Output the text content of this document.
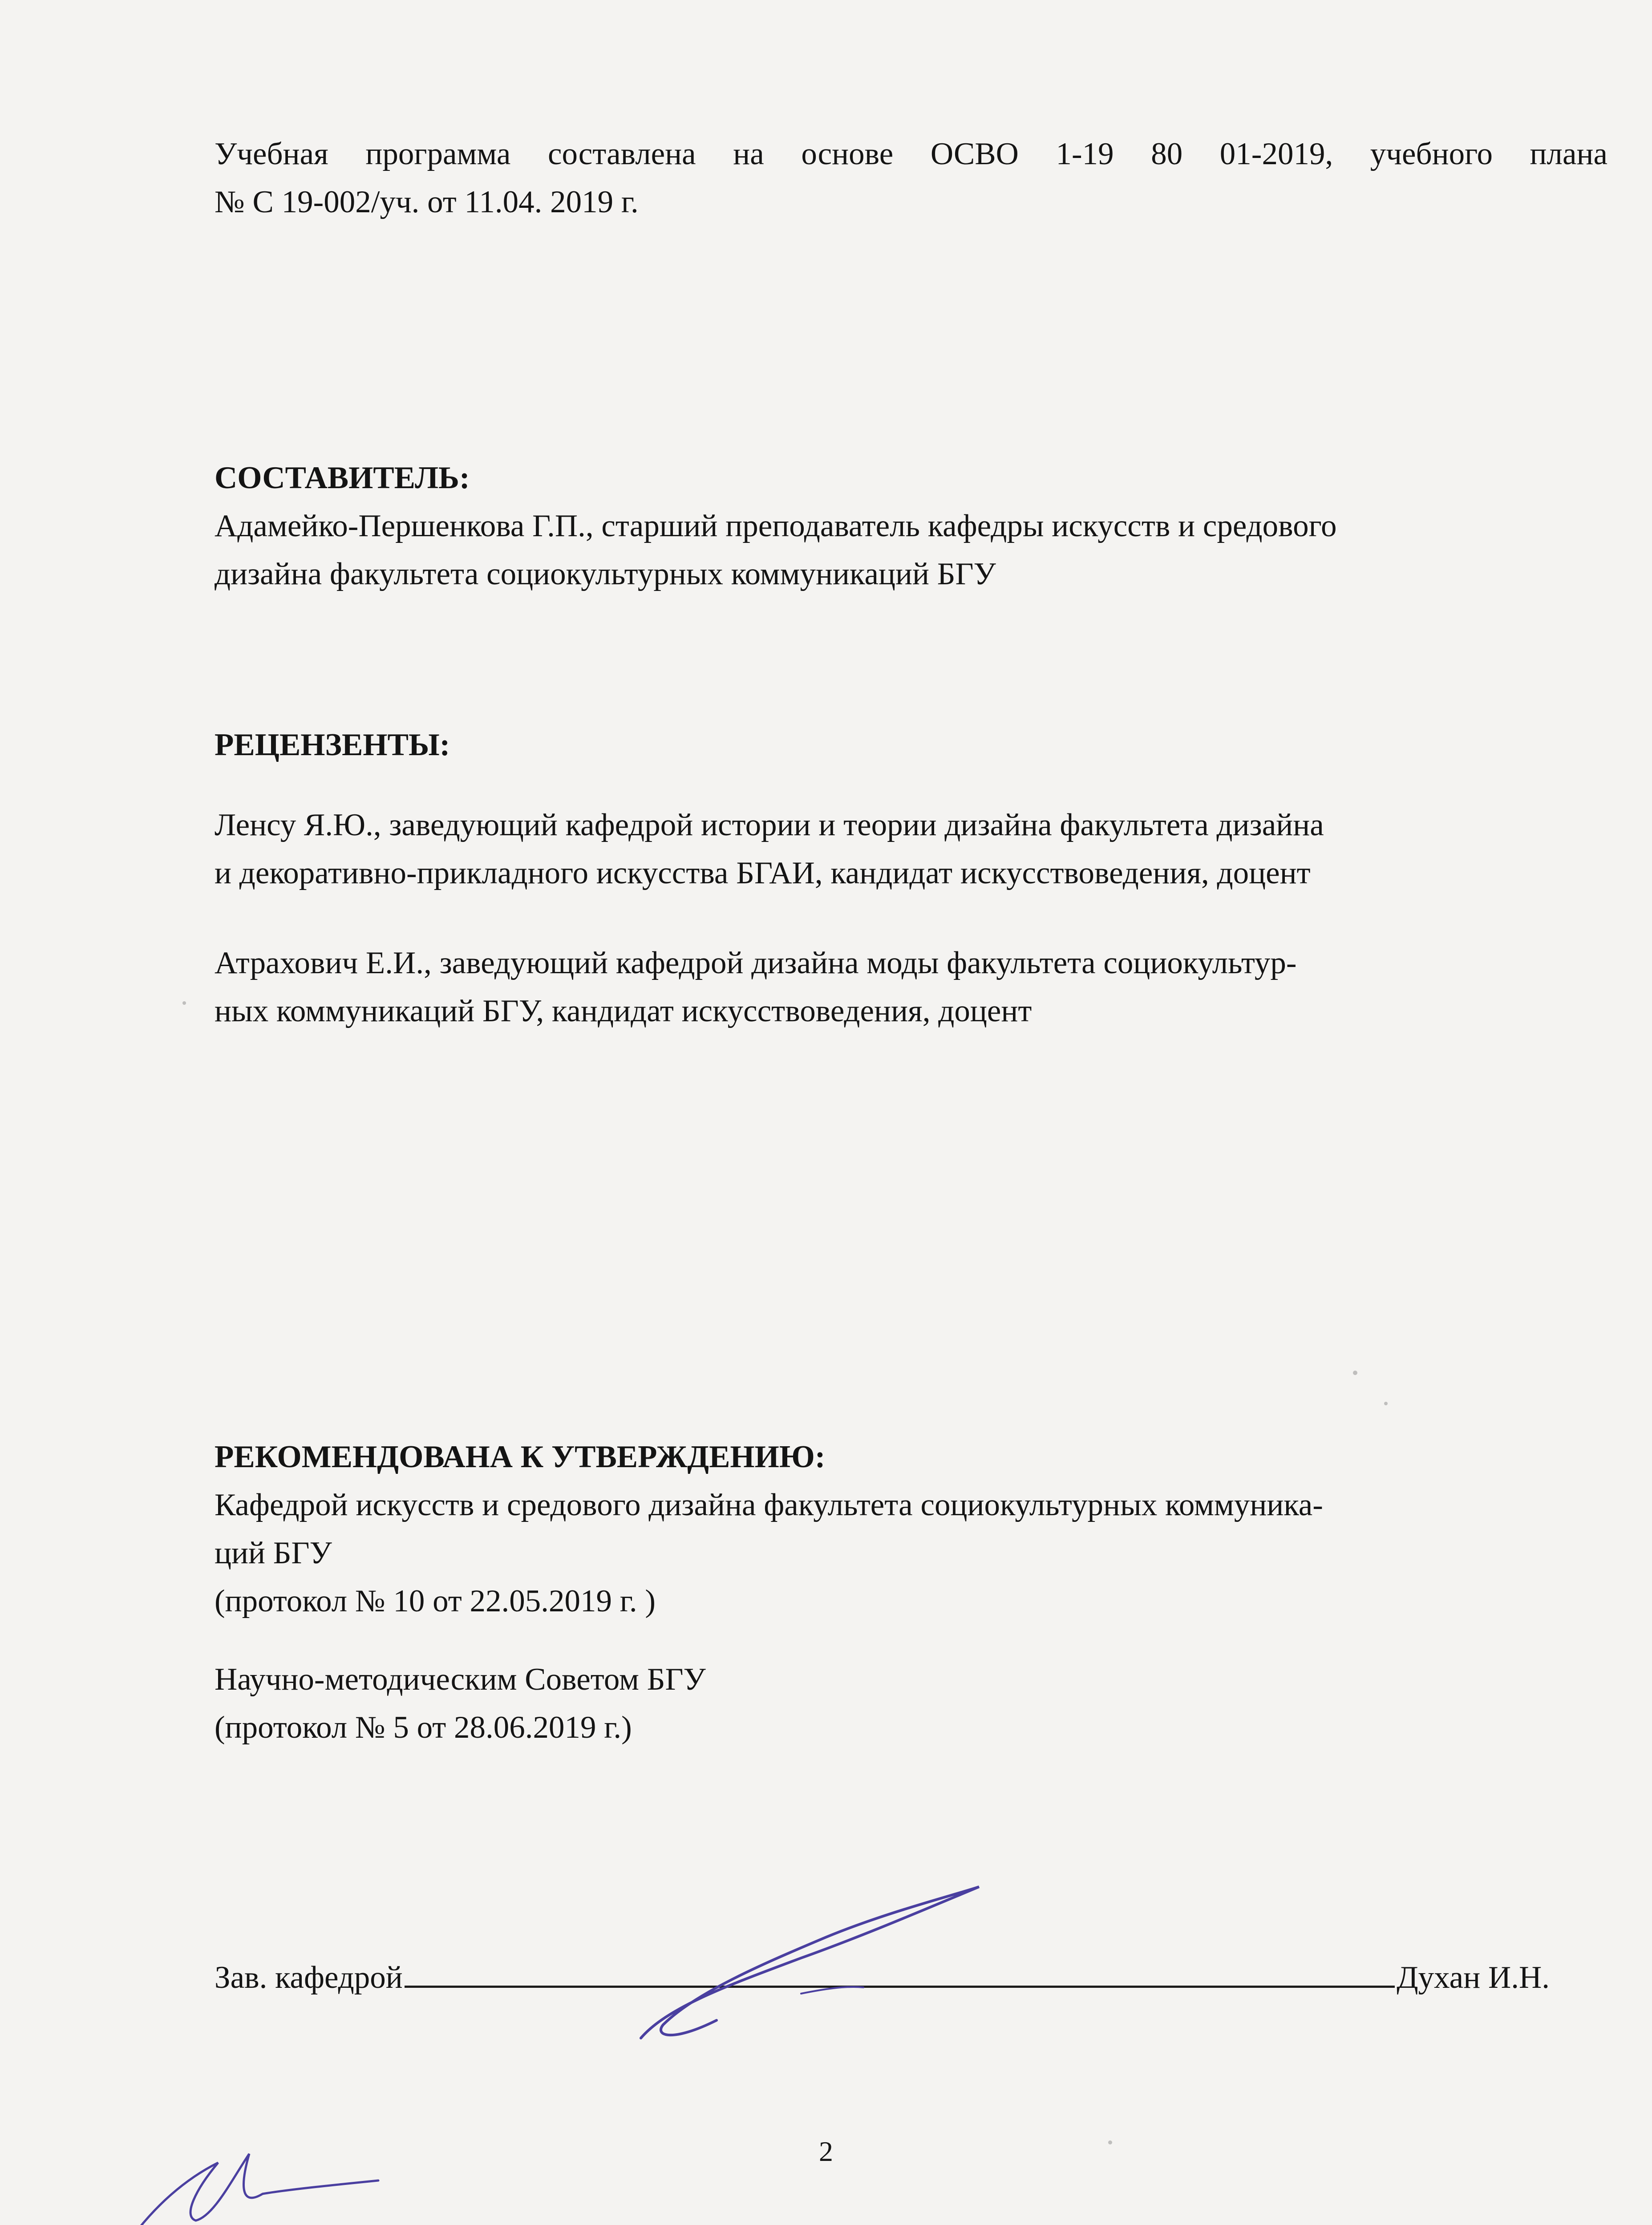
Учебная программа составлена на основе ОСВО 1-19 80 01-2019, учебного плана
№ С 19-002/уч. от 11.04. 2019 г.
СОСТАВИТЕЛЬ:
Адамейко-Першенкова Г.П., старший преподаватель кафедры искусств и средового
дизайна факультета социокультурных коммуникаций БГУ
РЕЦЕНЗЕНТЫ:
Ленсу Я.Ю., заведующий кафедрой истории и теории дизайна факультета дизайна
и декоративно-прикладного искусства БГАИ, кандидат искусствоведения, доцент
Атрахович Е.И., заведующий кафедрой дизайна моды факультета социокультур-
ных коммуникаций БГУ, кандидат искусствоведения, доцент
РЕКОМЕНДОВАНА К УТВЕРЖДЕНИЮ:
Кафедрой искусств и средового дизайна факультета социокультурных коммуника-
ций БГУ
(протокол № 10 от 22.05.2019 г. )
Научно-методическим Советом БГУ
(протокол № 5 от 28.06.2019 г.)
Зав. кафедрой	Духан И.Н.
2
